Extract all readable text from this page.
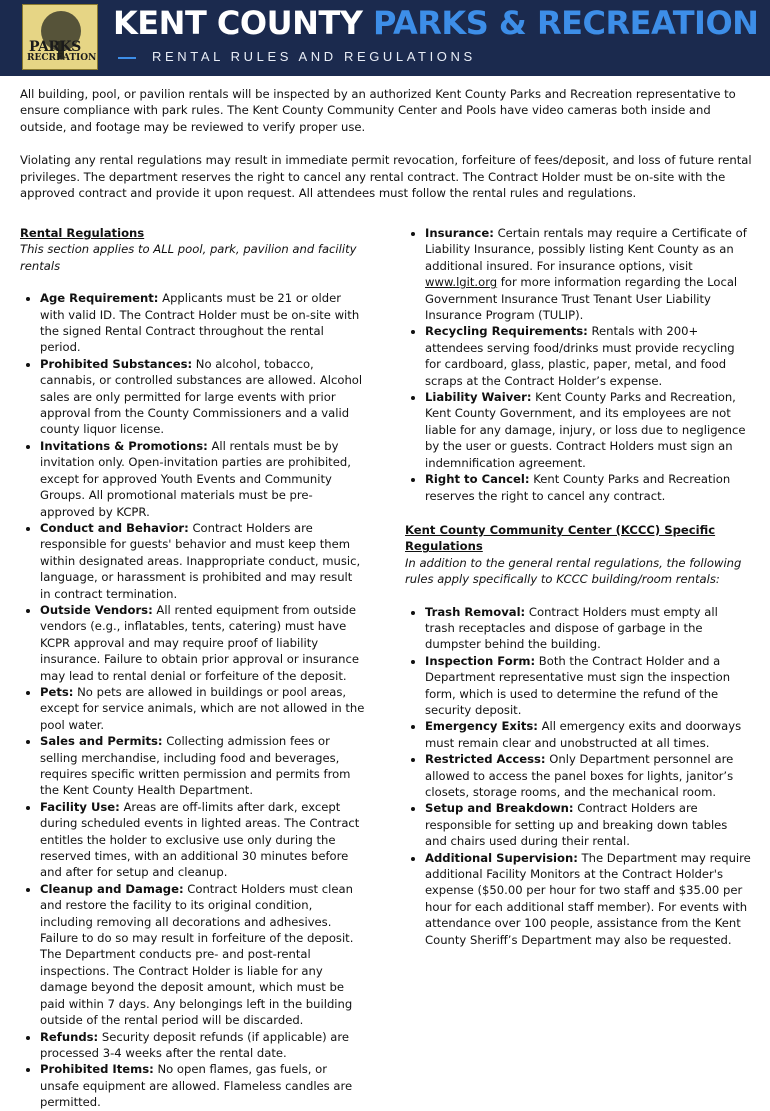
PARKS
RECREATION
KENT COUNTY PARKS & RECREATION
RENTAL RULES AND REGULATIONS

All building, pool, or pavilion rentals will be inspected by an authorized Kent County Parks and Recreation representative to ensure compliance with park rules. The Kent County Community Center and Pools have video cameras both inside and outside, and footage may be reviewed to verify proper use.

Violating any rental regulations may result in immediate permit revocation, forfeiture of fees/deposit, and loss of future rental privileges. The department reserves the right to cancel any rental contract. The Contract Holder must be on-site with the approved contract and provide it upon request. All attendees must follow the rental rules and regulations.

Rental Regulations

This section applies to ALL pool, park, pavilion and facility rentals

• Age Requirement: Applicants must be 21 or older with valid ID. The Contract Holder must be on-site with the signed Rental Contract throughout the rental period.
• Prohibited Substances: No alcohol, tobacco, cannabis, or controlled substances are allowed. Alcohol sales are only permitted for large events with prior approval from the County Commissioners and a valid county liquor license.
• Invitations & Promotions: All rentals must be by invitation only. Open-invitation parties are prohibited, except for approved Youth Events and Community Groups. All promotional materials must be pre-approved by KCPR.
• Conduct and Behavior: Contract Holders are responsible for guests' behavior and must keep them within designated areas. Inappropriate conduct, music, language, or harassment is prohibited and may result in contract termination.
• Outside Vendors: All rented equipment from outside vendors (e.g., inflatables, tents, catering) must have KCPR approval and may require proof of liability insurance. Failure to obtain prior approval or insurance may lead to rental denial or forfeiture of the deposit.
• Pets: No pets are allowed in buildings or pool areas, except for service animals, which are not allowed in the pool water.
• Sales and Permits: Collecting admission fees or selling merchandise, including food and beverages, requires specific written permission and permits from the Kent County Health Department.
• Facility Use: Areas are off-limits after dark, except during scheduled events in lighted areas. The Contract entitles the holder to exclusive use only during the reserved times, with an additional 30 minutes before and after for setup and cleanup.
• Cleanup and Damage: Contract Holders must clean and restore the facility to its original condition, including removing all decorations and adhesives. Failure to do so may result in forfeiture of the deposit. The Department conducts pre- and post-rental inspections. The Contract Holder is liable for any damage beyond the deposit amount, which must be paid within 7 days. Any belongings left in the building outside of the rental period will be discarded.
• Refunds: Security deposit refunds (if applicable) are processed 3-4 weeks after the rental date.
• Prohibited Items: No open flames, gas fuels, or unsafe equipment are allowed. Flameless candles are permitted.
• Insurance: Certain rentals may require a Certificate of Liability Insurance, possibly listing Kent County as an additional insured. For insurance options, visit www.lgit.org for more information regarding the Local Government Insurance Trust Tenant User Liability Insurance Program (TULIP).
• Recycling Requirements: Rentals with 200+ attendees serving food/drinks must provide recycling for cardboard, glass, plastic, paper, metal, and food scraps at the Contract Holder’s expense.
• Liability Waiver: Kent County Parks and Recreation, Kent County Government, and its employees are not liable for any damage, injury, or loss due to negligence by the user or guests. Contract Holders must sign an indemnification agreement.
• Right to Cancel: Kent County Parks and Recreation reserves the right to cancel any contract.

Kent County Community Center (KCCC) Specific Regulations

In addition to the general rental regulations, the following rules apply specifically to KCCC building/room rentals:

• Trash Removal: Contract Holders must empty all trash receptacles and dispose of garbage in the dumpster behind the building.
• Inspection Form: Both the Contract Holder and a Department representative must sign the inspection form, which is used to determine the refund of the security deposit.
• Emergency Exits: All emergency exits and doorways must remain clear and unobstructed at all times.
• Restricted Access: Only Department personnel are allowed to access the panel boxes for lights, janitor’s closets, storage rooms, and the mechanical room.
• Setup and Breakdown: Contract Holders are responsible for setting up and breaking down tables and chairs used during their rental.
• Additional Supervision: The Department may require additional Facility Monitors at the Contract Holder's expense ($50.00 per hour for two staff and $35.00 per hour for each additional staff member). For events with attendance over 100 people, assistance from the Kent County Sheriff’s Department may also be requested.
